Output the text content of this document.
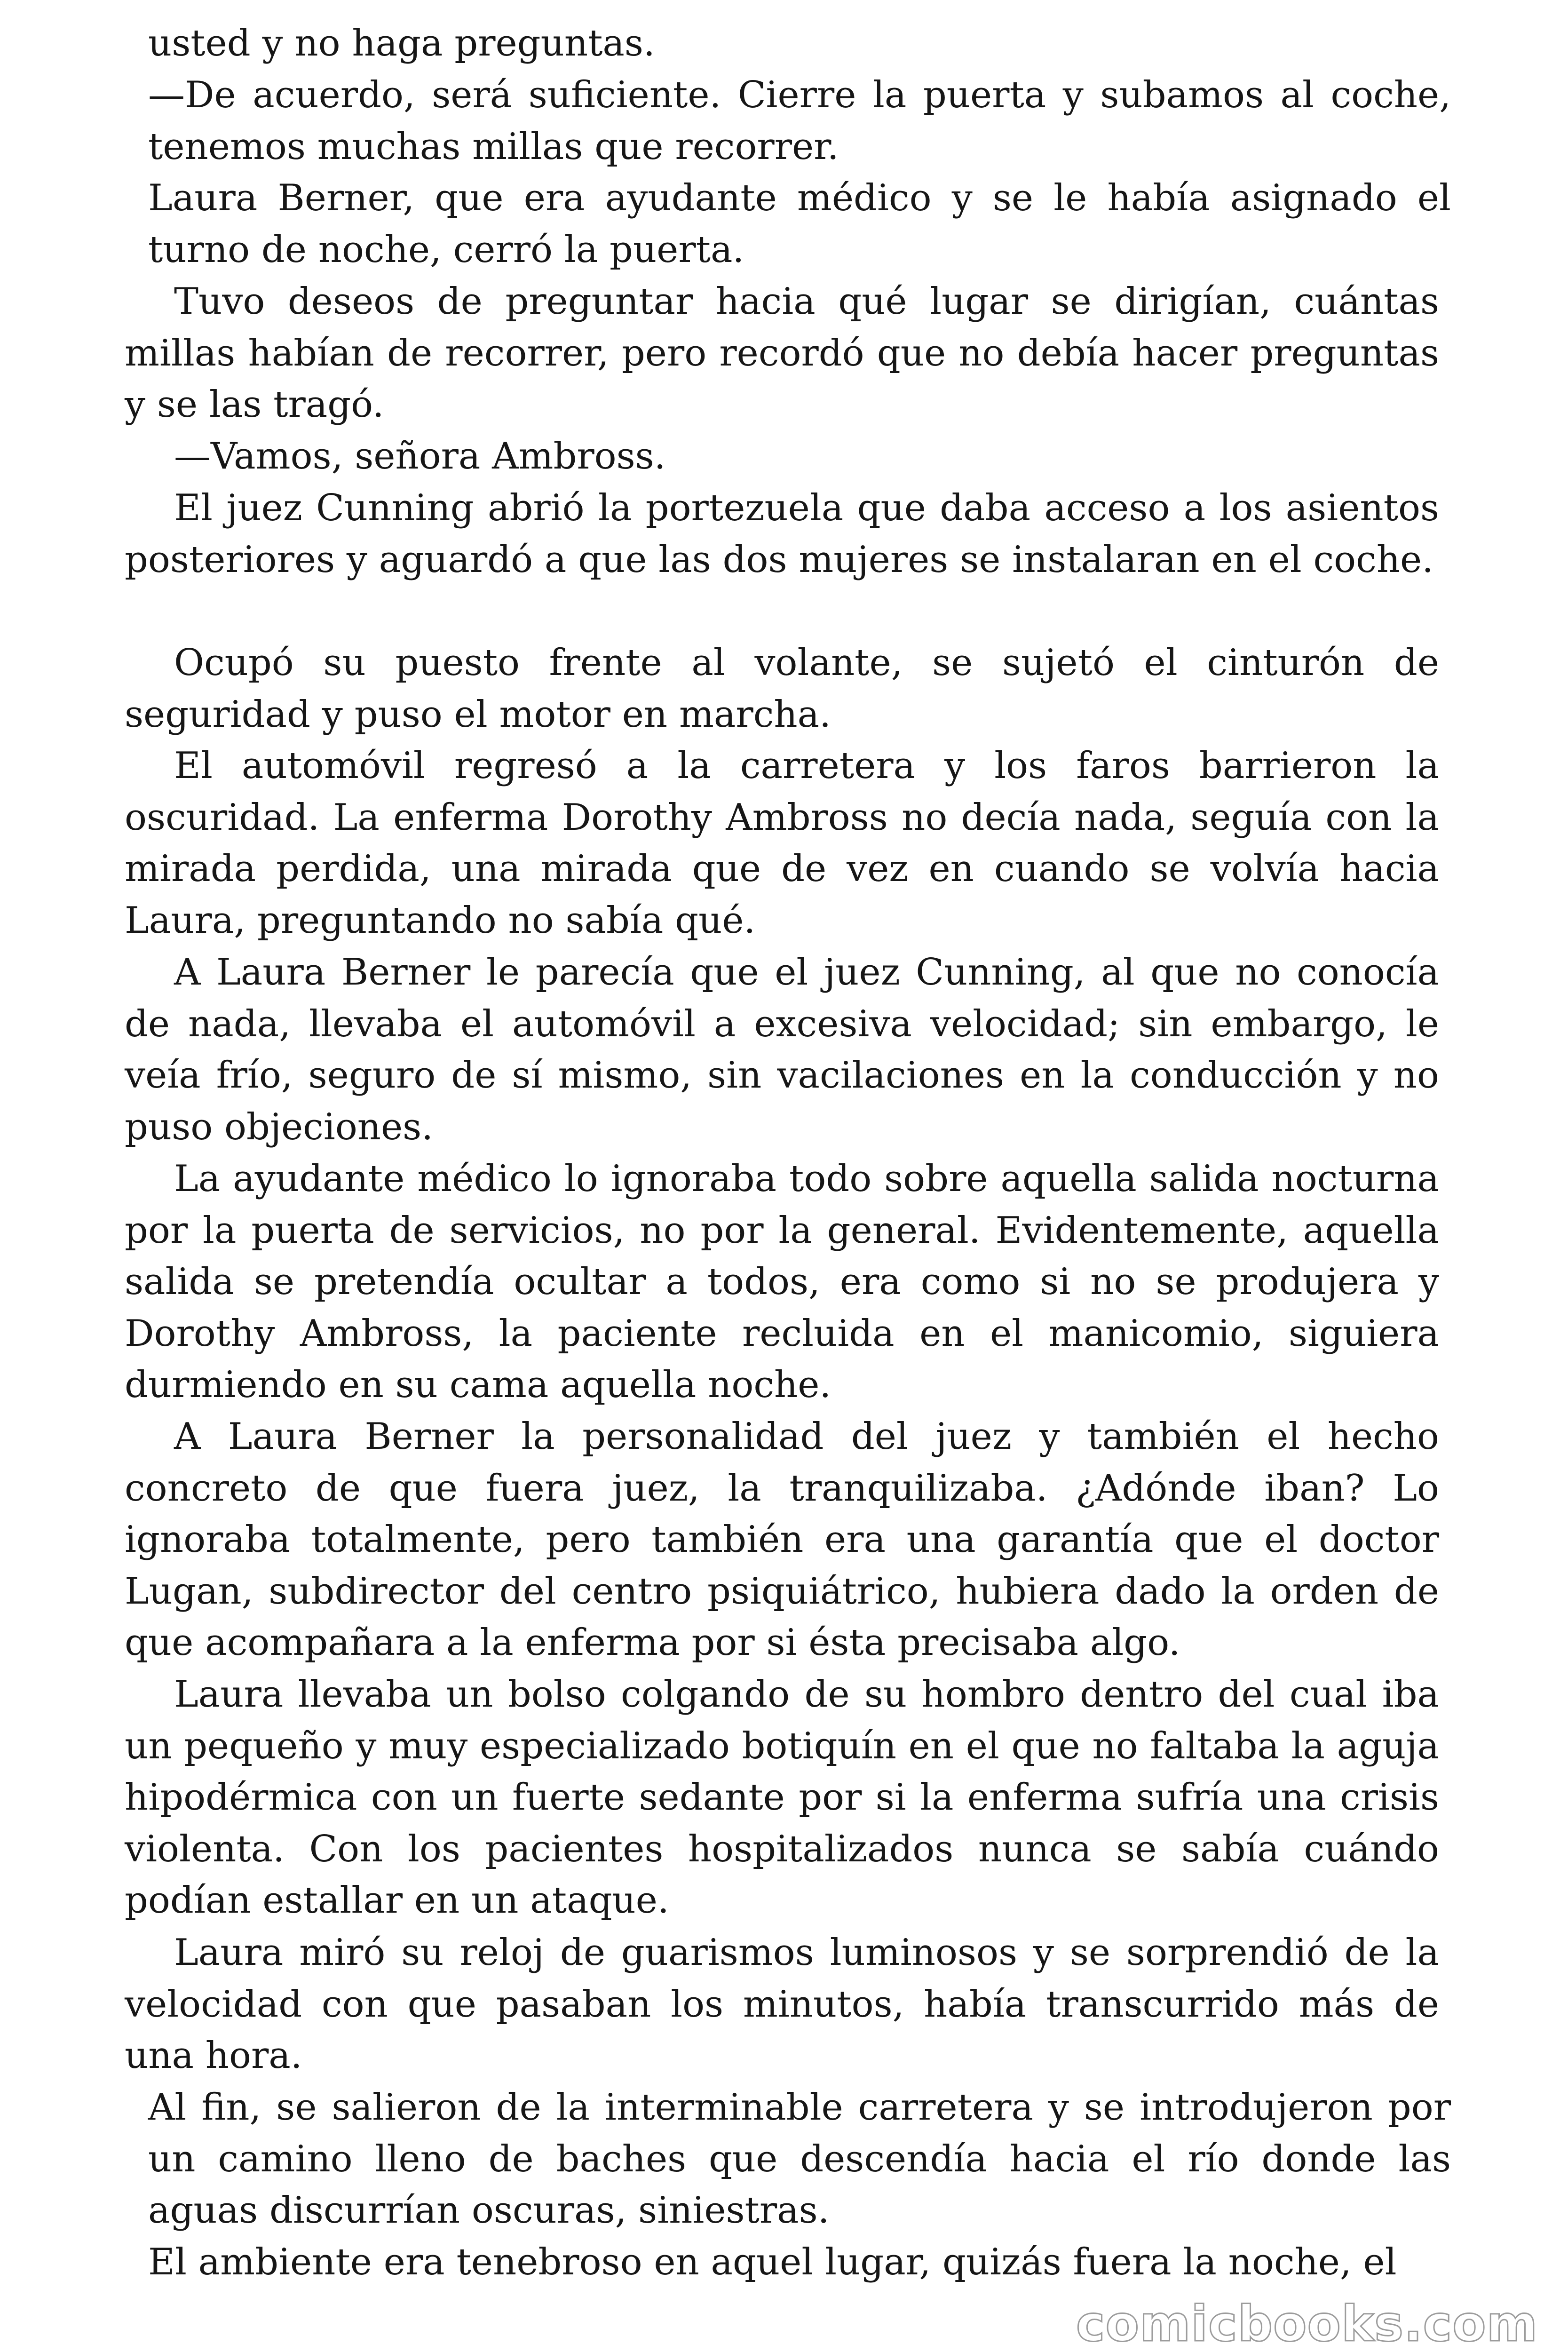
usted y no haga preguntas.

—De acuerdo, será suficiente. Cierre la puerta y subamos al coche, tenemos muchas millas que recorrer.

Laura Berner, que era ayudante médico y se le había asignado el turno de noche, cerró la puerta.

Tuvo deseos de preguntar hacia qué lugar se dirigían, cuántas millas habían de recorrer, pero recordó que no debía hacer preguntas y se las tragó.

—Vamos, señora Ambross.

El juez Cunning abrió la portezuela que daba acceso a los asientos posteriores y aguardó a que las dos mujeres se instalaran en el coche.

Ocupó su puesto frente al volante, se sujetó el cinturón de seguridad y puso el motor en marcha.

El automóvil regresó a la carretera y los faros barrieron la oscuridad. La enferma Dorothy Ambross no decía nada, seguía con la mirada perdida, una mirada que de vez en cuando se volvía hacia Laura, preguntando no sabía qué.

A Laura Berner le parecía que el juez Cunning, al que no conocía de nada, llevaba el automóvil a excesiva velocidad; sin embargo, le veía frío, seguro de sí mismo, sin vacilaciones en la conducción y no puso objeciones.

La ayudante médico lo ignoraba todo sobre aquella salida nocturna por la puerta de servicios, no por la general. Evidentemente, aquella salida se pretendía ocultar a todos, era como si no se produjera y Dorothy Ambross, la paciente recluida en el manicomio, siguiera durmiendo en su cama aquella noche.

A Laura Berner la personalidad del juez y también el hecho concreto de que fuera juez, la tranquilizaba. ¿Adónde iban? Lo ignoraba totalmente, pero también era una garantía que el doctor Lugan, subdirector del centro psiquiátrico, hubiera dado la orden de que acompañara a la enferma por si ésta precisaba algo.

Laura llevaba un bolso colgando de su hombro dentro del cual iba un pequeño y muy especializado botiquín en el que no faltaba la aguja hipodérmica con un fuerte sedante por si la enferma sufría una crisis violenta. Con los pacientes hospitalizados nunca se sabía cuándo podían estallar en un ataque.

Laura miró su reloj de guarismos luminosos y se sorprendió de la velocidad con que pasaban los minutos, había transcurrido más de una hora.

Al fin, se salieron de la interminable carretera y se introdujeron por un camino lleno de baches que descendía hacia el río donde las aguas discurrían oscuras, siniestras.

El ambiente era tenebroso en aquel lugar, quizás fuera la noche, el

comicbooks.com
